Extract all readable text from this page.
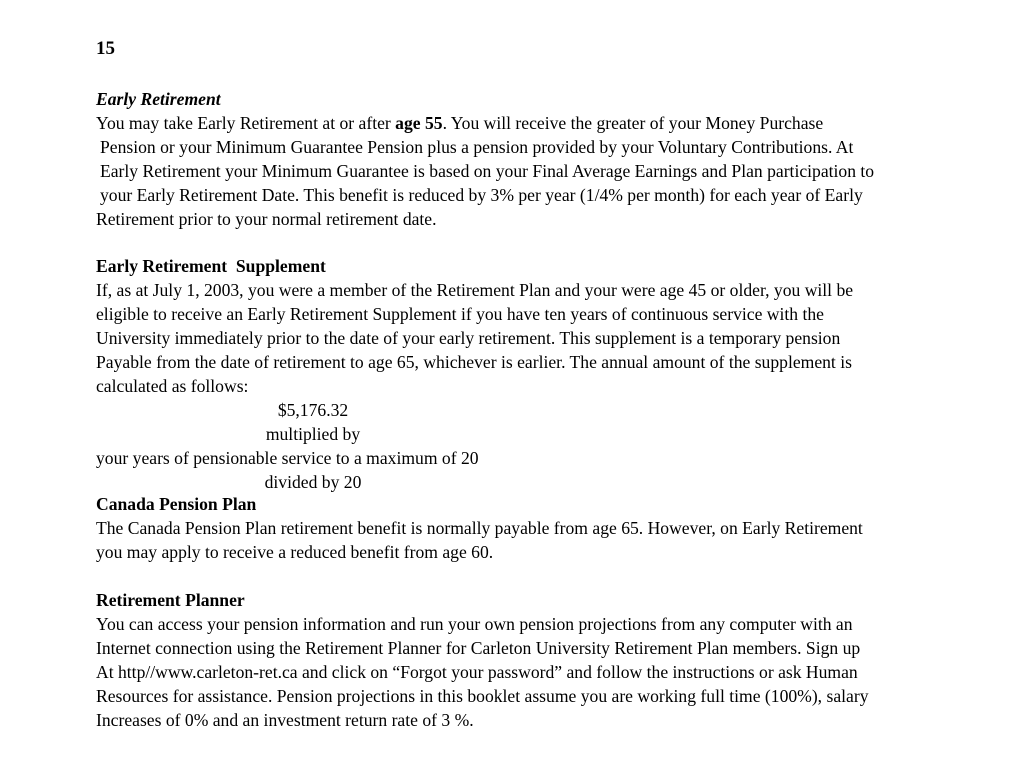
15
Early Retirement
You may take Early Retirement at or after age 55. You will receive the greater of your Money Purchase
Pension or your Minimum Guarantee Pension plus a pension provided by your Voluntary Contributions. At
Early Retirement your Minimum Guarantee is based on your Final Average Earnings and Plan participation to
your Early Retirement Date. This benefit is reduced by 3% per year (1/4% per month) for each year of Early
Retirement prior to your normal retirement date.
Early Retirement  Supplement
If, as at July 1, 2003, you were a member of the Retirement Plan and your were age 45 or older, you will be
eligible to receive an Early Retirement Supplement if you have ten years of continuous service with the
University immediately prior to the date of your early retirement. This supplement is a temporary pension
Payable from the date of retirement to age 65, whichever is earlier. The annual amount of the supplement is
calculated as follows:
$5,176.32
multiplied by
your years of pensionable service to a maximum of 20
divided by 20
Canada Pension Plan
The Canada Pension Plan retirement benefit is normally payable from age 65. However, on Early Retirement
you may apply to receive a reduced benefit from age 60.
Retirement Planner
You can access your pension information and run your own pension projections from any computer with an
Internet connection using the Retirement Planner for Carleton University Retirement Plan members. Sign up
At http//www.carleton-ret.ca and click on “Forgot your password” and follow the instructions or ask Human
Resources for assistance. Pension projections in this booklet assume you are working full time (100%), salary
Increases of 0% and an investment return rate of 3 %.
